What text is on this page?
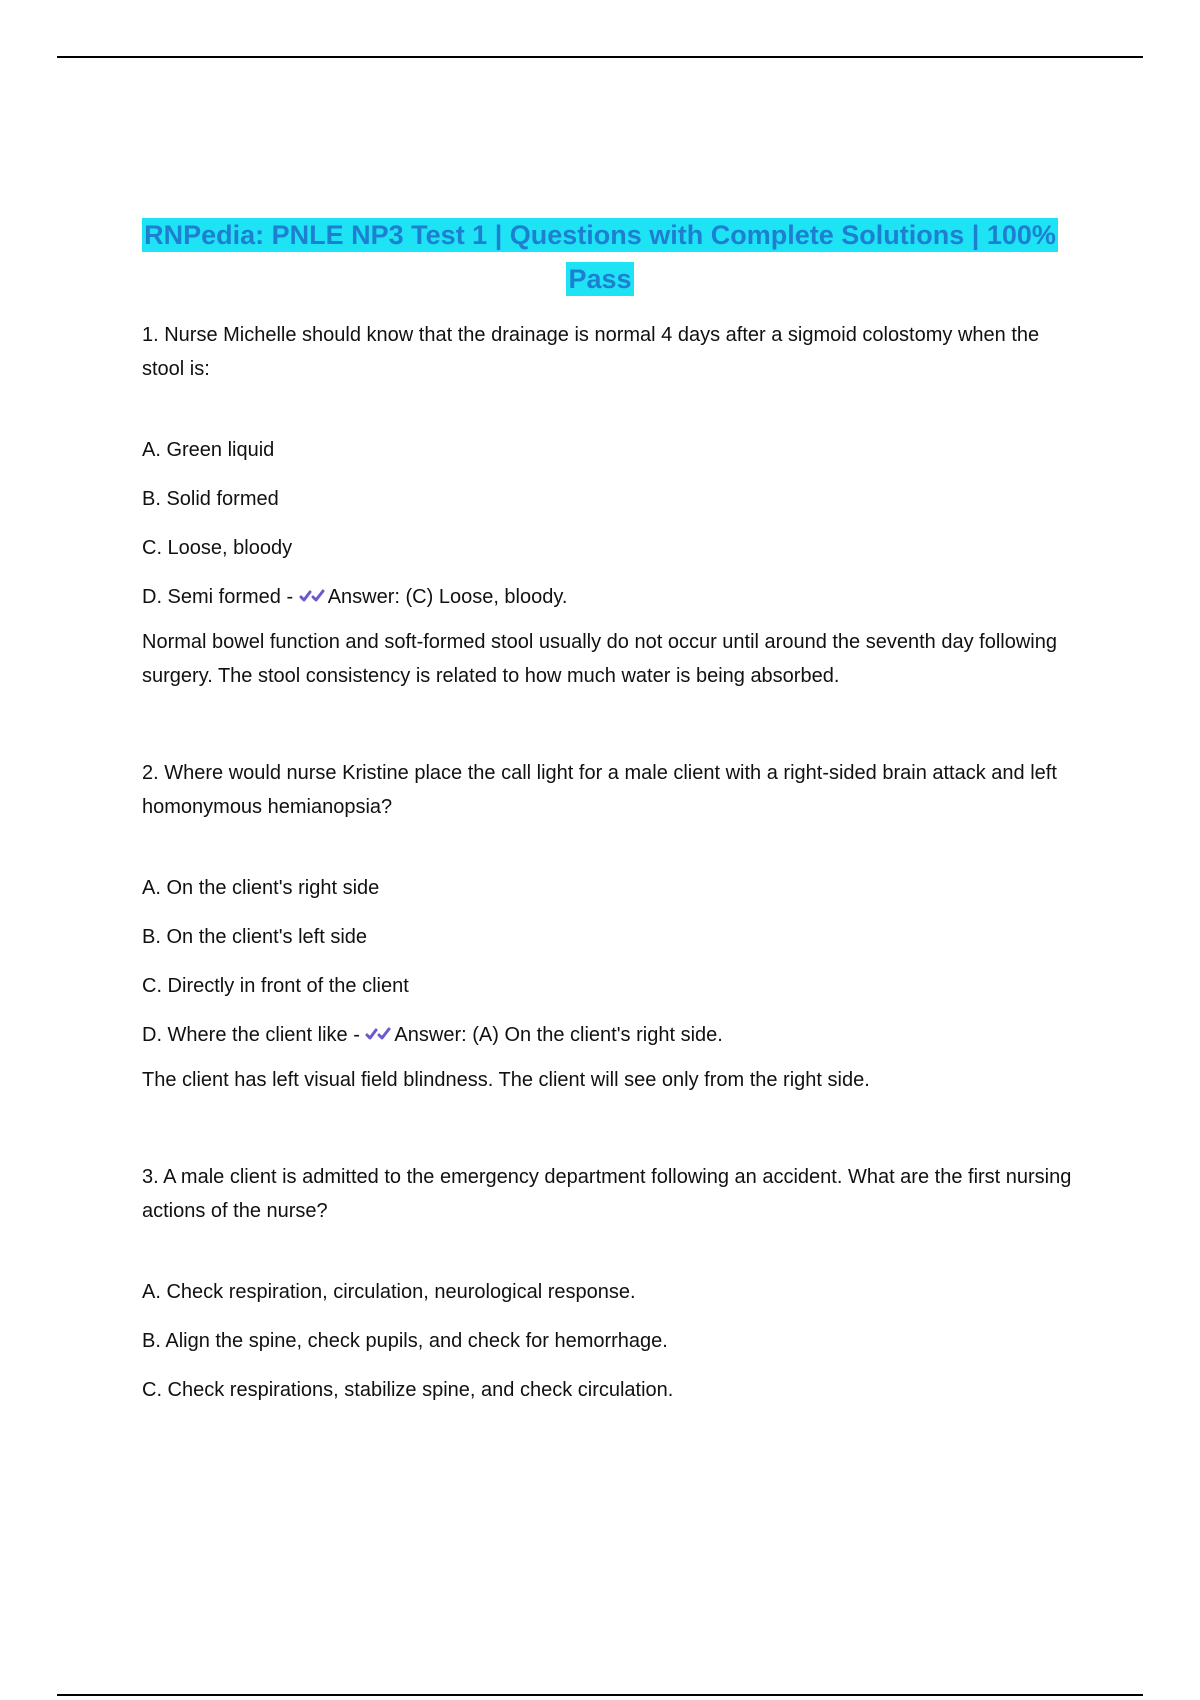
RNPedia: PNLE NP3 Test 1 | Questions with Complete Solutions | 100% Pass

1. Nurse Michelle should know that the drainage is normal 4 days after a sigmoid colostomy when the stool is:

A. Green liquid

B. Solid formed

C. Loose, bloody

D. Semi formed - Answer: (C) Loose, bloody.

Normal bowel function and soft-formed stool usually do not occur until around the seventh day following surgery. The stool consistency is related to how much water is being absorbed.

2. Where would nurse Kristine place the call light for a male client with a right-sided brain attack and left homonymous hemianopsia?

A. On the client's right side

B. On the client's left side

C. Directly in front of the client

D. Where the client like - Answer: (A) On the client's right side.

The client has left visual field blindness. The client will see only from the right side.

3. A male client is admitted to the emergency department following an accident. What are the first nursing actions of the nurse?

A. Check respiration, circulation, neurological response.

B. Align the spine, check pupils, and check for hemorrhage.

C. Check respirations, stabilize spine, and check circulation.
